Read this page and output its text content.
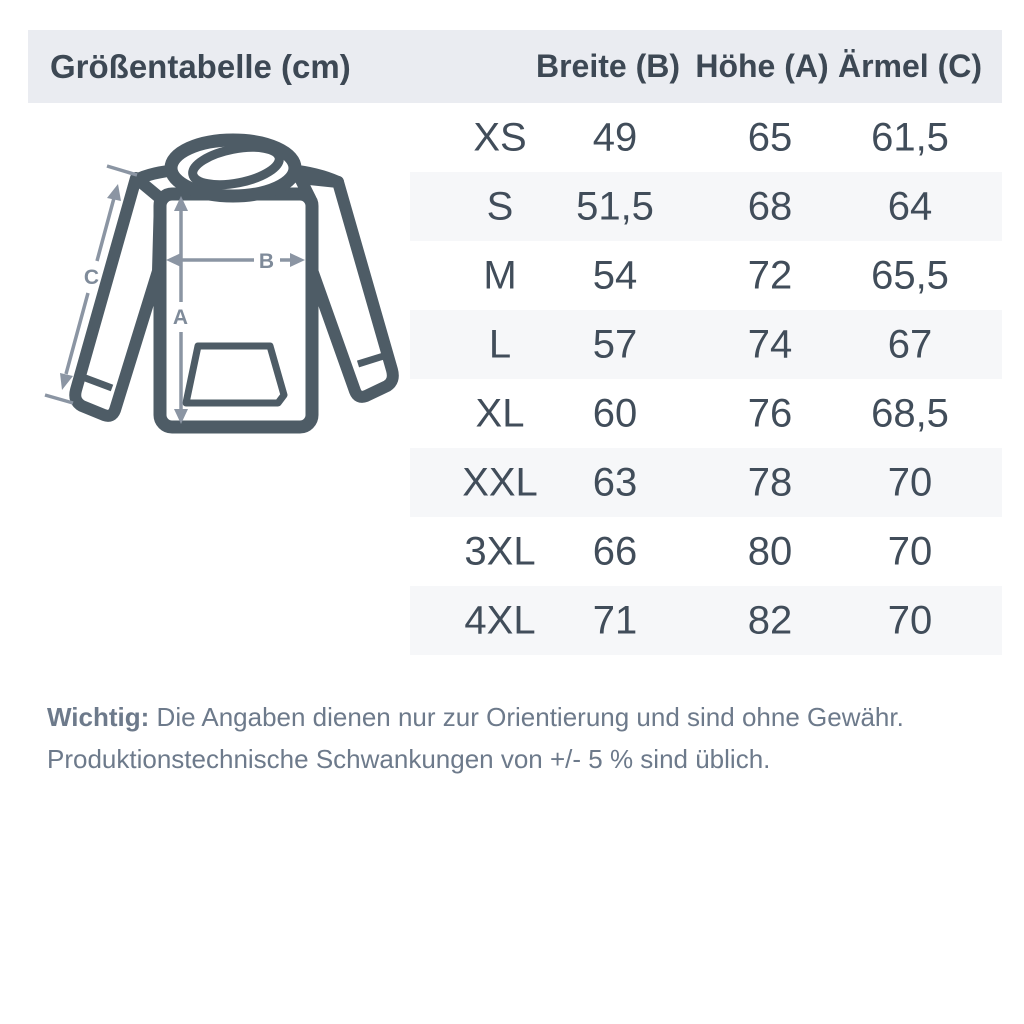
Größentabelle (cm)	Breite (B) Höhe (A) Ärmel (C)
A
B
C
XS 49	65 61,5
S 51,5 68 64
M 54	72 65,5
L 57	74 67
XL 60	76 68,5
XXL 63	78 70
3XL 66	80 70
4XL 71	82 70

Wichtig: Die Angaben dienen nur zur Orientierung und sind ohne Gewähr.
Produktionstechnische Schwankungen von +/- 5 % sind üblich.
